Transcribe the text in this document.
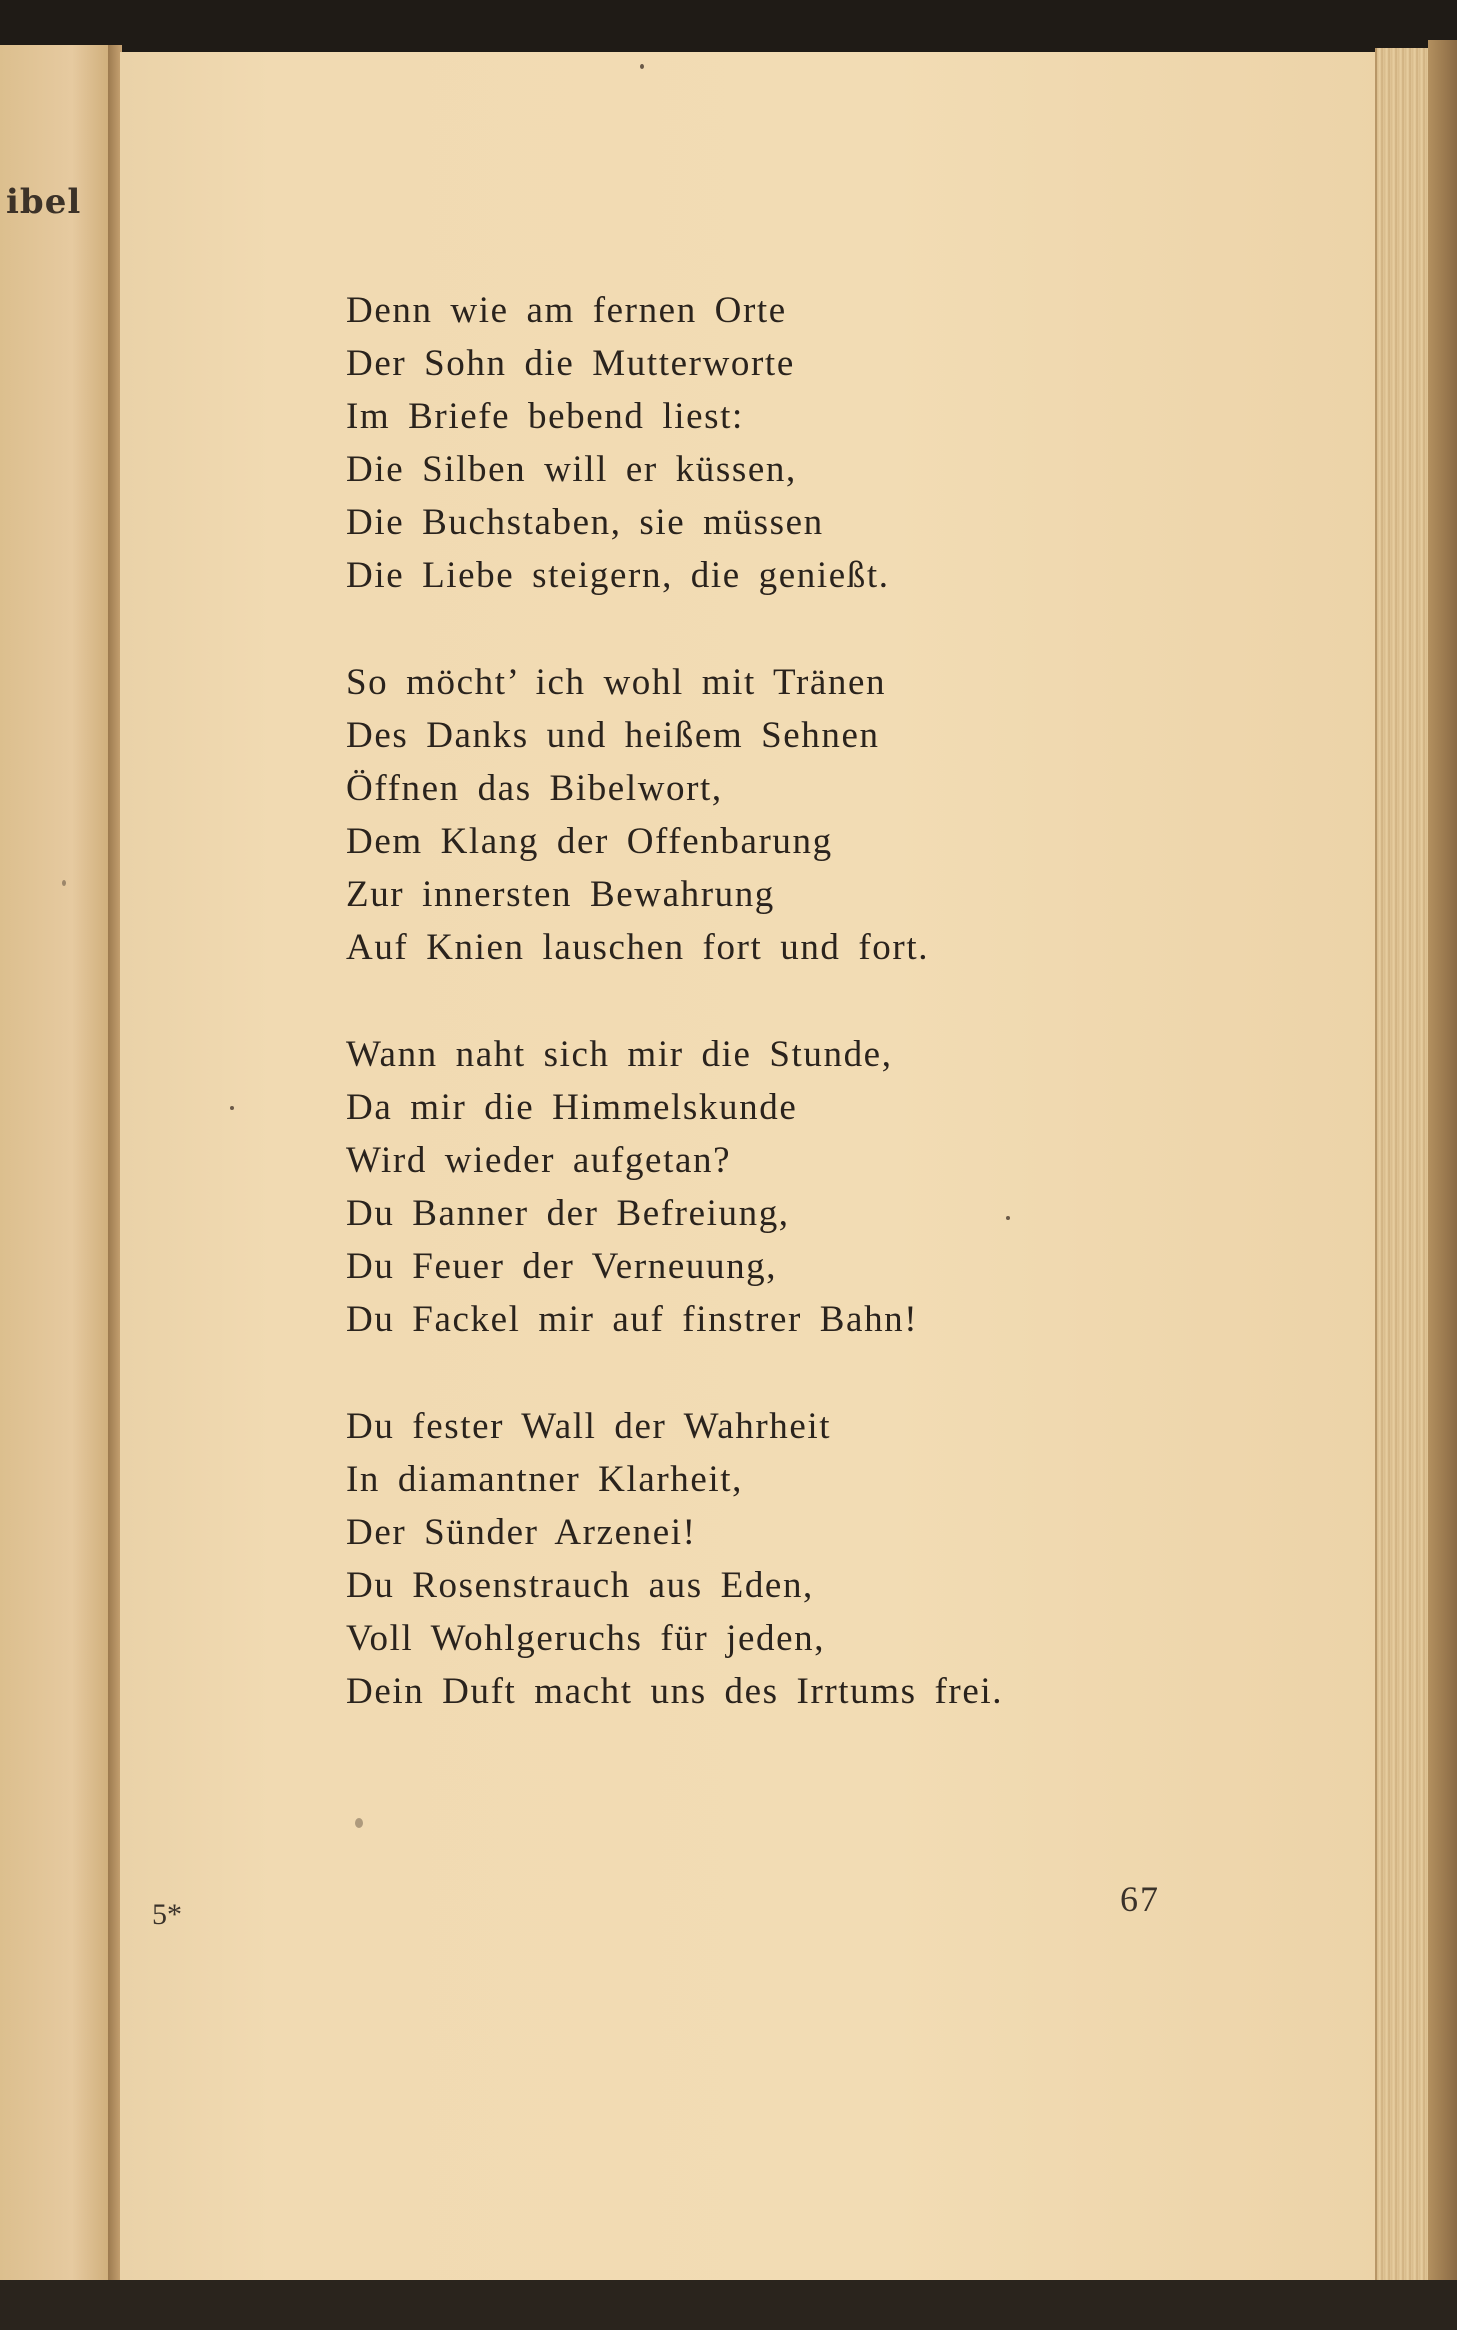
ibel
5*
Denn wie am fernen Orte
Der Sohn die Mutterworte
Im Briefe bebend liest:
Die Silben will er küssen,
Die Buchstaben, sie müssen
Die Liebe steigern, die genießt.
So möcht’ ich wohl mit Tränen
Des Danks und heißem Sehnen
Öffnen das Bibelwort,
Dem Klang der Offenbarung
Zur innersten Bewahrung
Auf Knien lauschen fort und fort.
Wann naht sich mir die Stunde,
Da mir die Himmelskunde
Wird wieder aufgetan?
Du Banner der Befreiung,
Du Feuer der Verneuung,
Du Fackel mir auf finstrer Bahn!
Du fester Wall der Wahrheit
In diamantner Klarheit,
Der Sünder Arzenei!
Du Rosenstrauch aus Eden,
Voll Wohlgeruchs für jeden,
Dein Duft macht uns des Irrtums frei.
67
